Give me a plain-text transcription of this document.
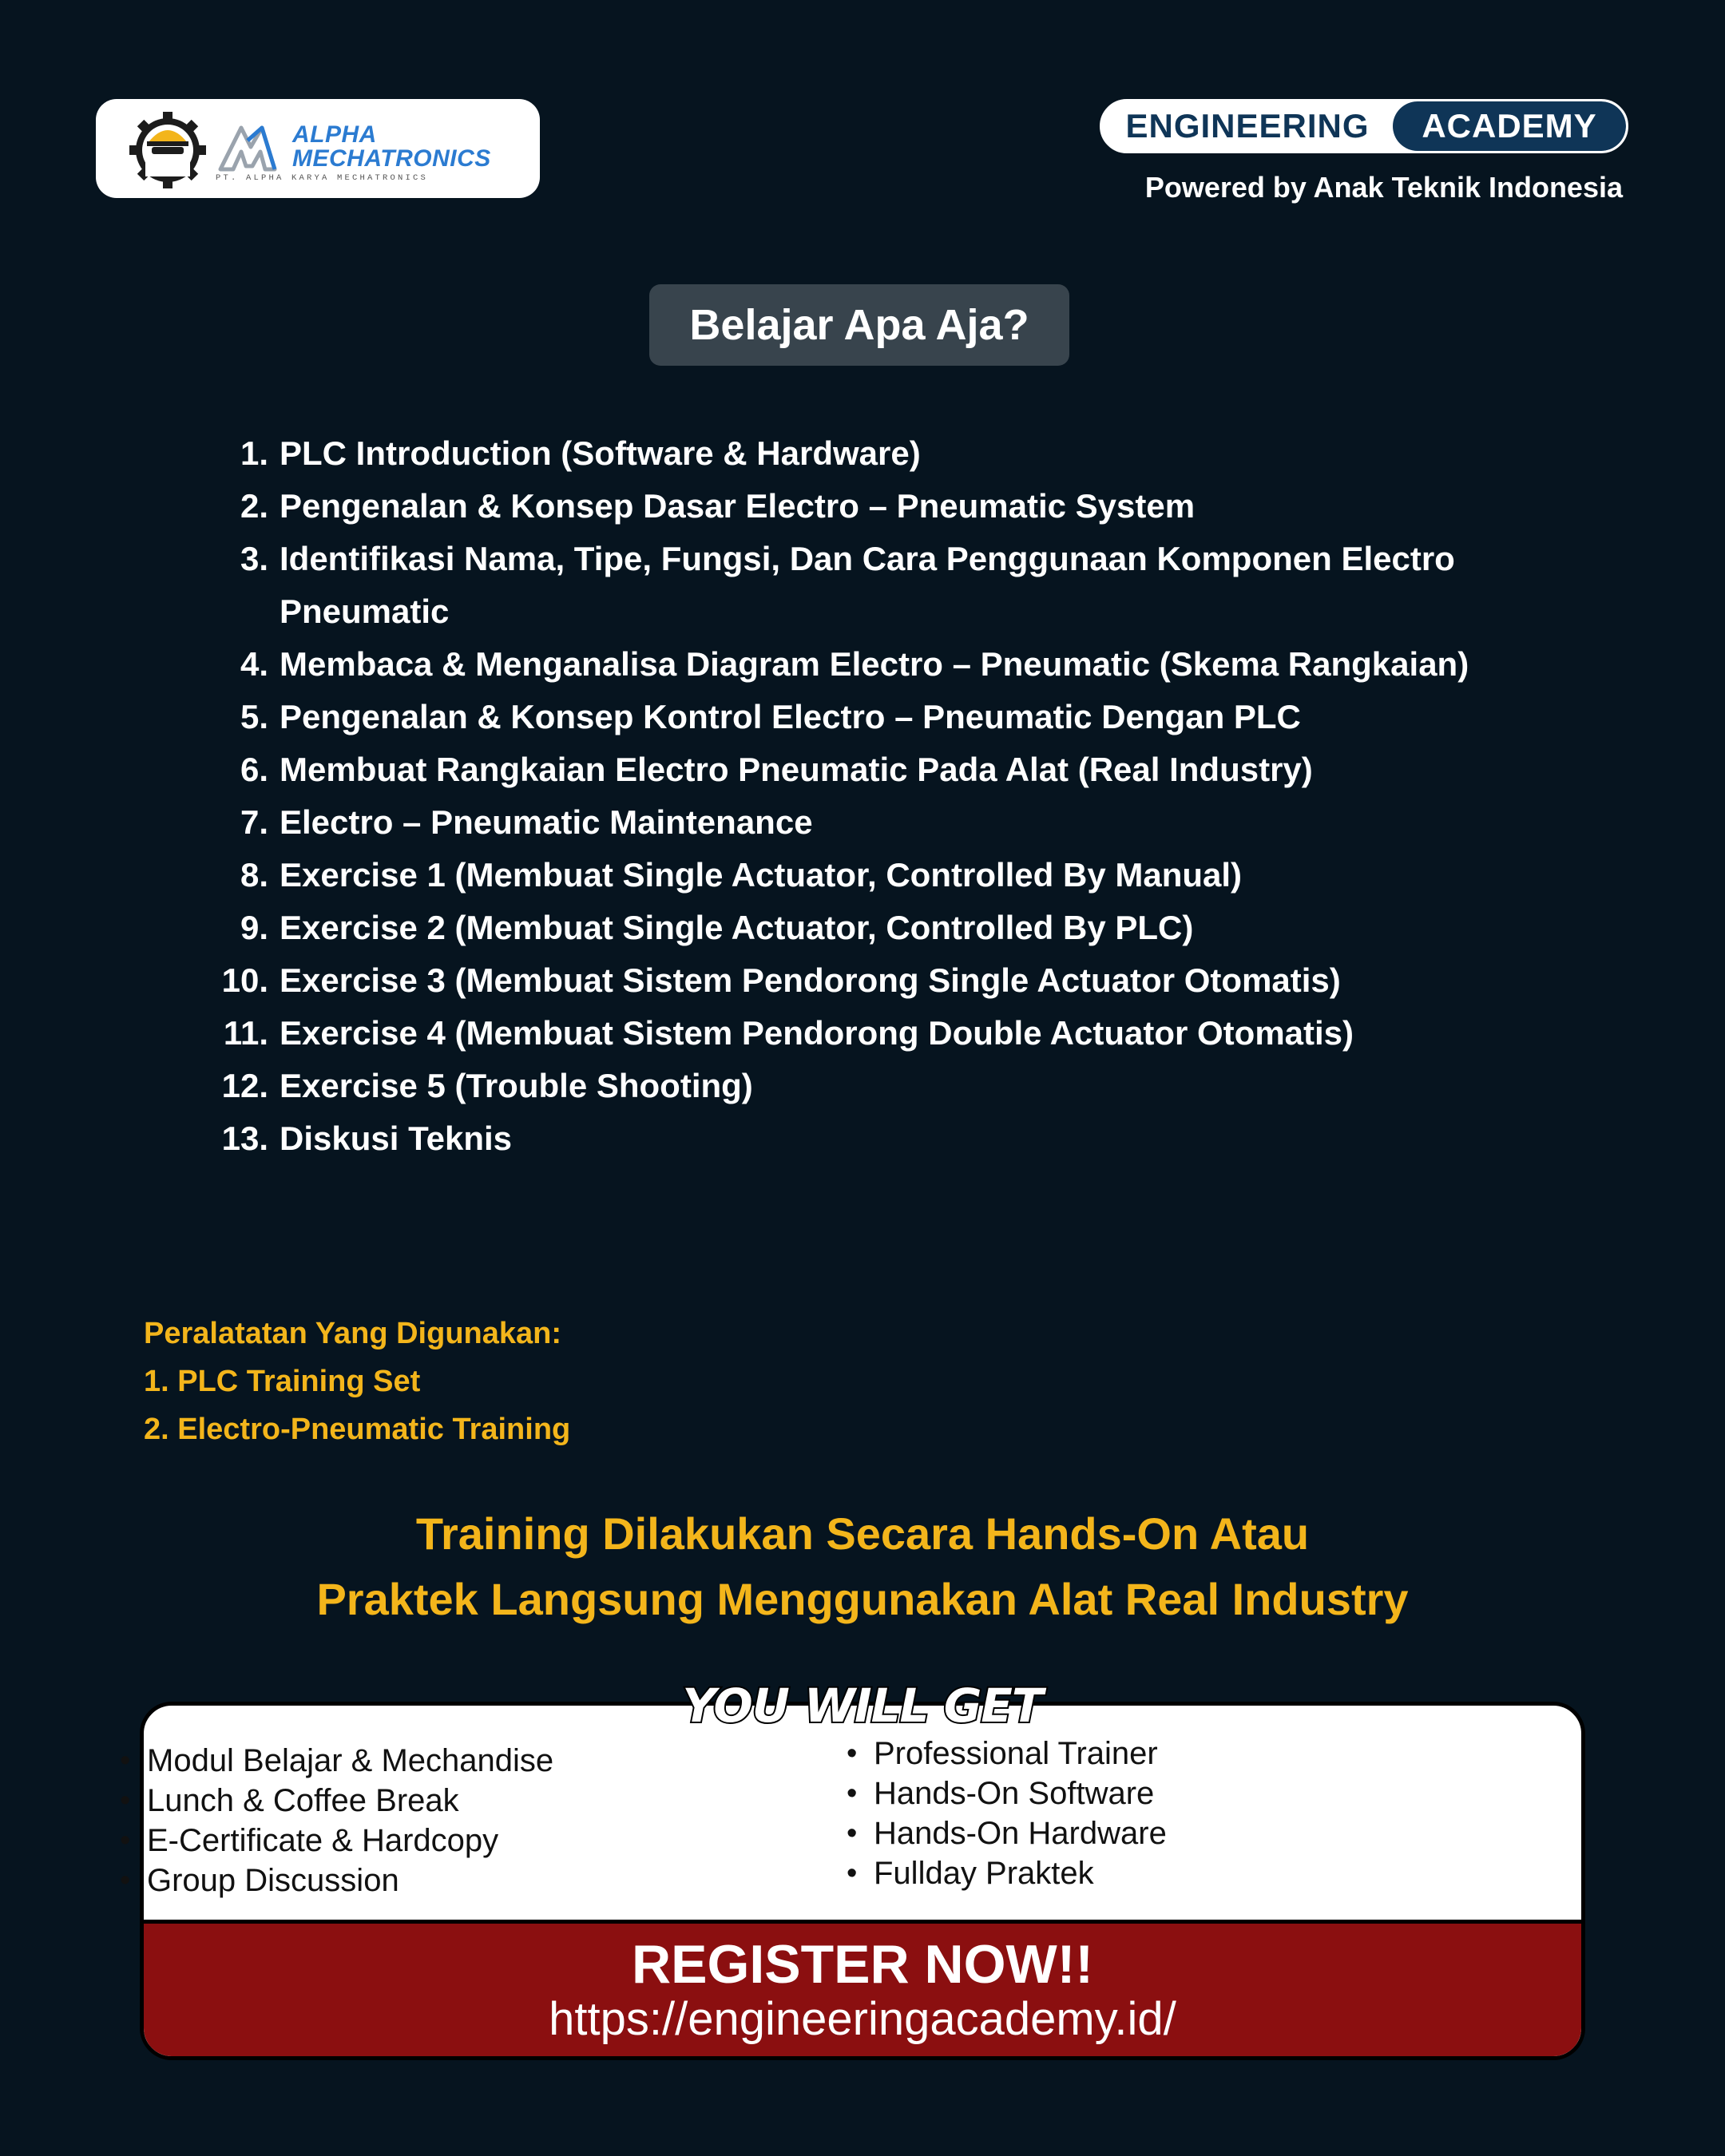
ALPHA MECHATRONICS
PT. ALPHA KARYA MECHATRONICS
ENGINEERING	ACADEMY
Powered by Anak Teknik Indonesia
Belajar Apa Aja?
1. PLC Introduction (Software & Hardware)
2. Pengenalan & Konsep Dasar Electro – Pneumatic System
3. Identifikasi Nama, Tipe, Fungsi, Dan Cara Penggunaan Komponen Electro Pneumatic
4. Membaca & Menganalisa Diagram Electro – Pneumatic (Skema Rangkaian)
5. Pengenalan & Konsep Kontrol Electro – Pneumatic Dengan PLC
6. Membuat Rangkaian Electro Pneumatic Pada Alat (Real Industry)
7. Electro – Pneumatic Maintenance
8. Exercise 1 (Membuat Single Actuator, Controlled By Manual)
9. Exercise 2 (Membuat Single Actuator, Controlled By PLC)
10. Exercise 3 (Membuat Sistem Pendorong Single Actuator Otomatis)
11. Exercise 4 (Membuat Sistem Pendorong Double Actuator Otomatis)
12. Exercise 5 (Trouble Shooting)
13. Diskusi Teknis
Peralatatan Yang Digunakan:
1. PLC Training Set
2. Electro-Pneumatic Training
Training Dilakukan Secara Hands-On Atau
Praktek Langsung Menggunakan Alat Real Industry
REGISTER NOW!!
https://engineeringacademy.id/
YOU WILL GET
• Modul Belajar & Mechandise
• Lunch & Coffee Break
• E-Certificate & Hardcopy
• Group Discussion
• Professional Trainer
• Hands-On Software
• Hands-On Hardware
• Fullday Praktek
